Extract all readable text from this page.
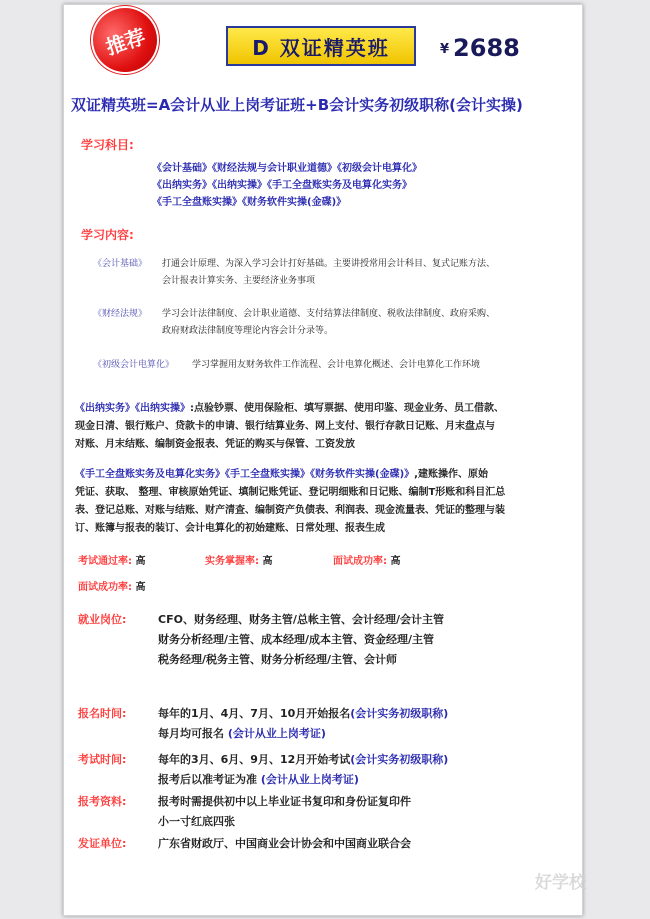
推荐	D 双证精英班	¥ 2688
双证精英班=A会计从业上岗考证班+B会计实务初级职称(会计实操)
学习科目:
《会计基础》《财经法规与会计职业道德》《初级会计电算化》
《出纳实务》《出纳实操》《手工全盘账实务及电算化实务》
《手工全盘账实操》《财务软件实操(金碟)》
学习内容:
《会计基础》 打通会计原理、为深入学习会计打好基础。主要讲授常用会计科目、复式记账方法、
会计报表计算实务、主要经济业务事项
《财经法规》 学习会计法律制度、会计职业道德、支付结算法律制度、税收法律制度、政府采购、
政府财政法律制度等理论内容会计分录等。
《初级会计电算化》 学习掌握用友财务软件工作流程、会计电算化概述、会计电算化工作环境
《出纳实务》《出纳实操》:点验钞票、使用保险柜、填写票据、使用印鉴、现金业务、员工借款、
现金日清、银行账户、贷款卡的申请、银行结算业务、网上支付、银行存款日记账、月末盘点与
对账、月末结账、编制资金报表、凭证的购买与保管、工资发放
《手工全盘账实务及电算化实务》《手工全盘账实操》《财务软件实操(金碟)》,建账操作、原始
凭证、获取、 整理、审核原始凭证、填制记账凭证、登记明细账和日记账、编制T形账和科目汇总
表、登记总账、对账与结账、财产清查、编制资产负债表、利润表、现金流量表、凭证的整理与装
订、账簿与报表的装订、会计电算化的初始建账、日常处理、报表生成
考试通过率: 高	实务掌握率: 高	面试成功率: 高
面试成功率: 高
就业岗位:	CFO、财务经理、财务主管/总帐主管、会计经理/会计主管
财务分析经理/主管、成本经理/成本主管、资金经理/主管
税务经理/税务主管、财务分析经理/主管、会计师
报名时间:	每年的1月、4月、7月、10月开始报名(会计实务初级职称)
每月均可报名 (会计从业上岗考证)
考试时间:	每年的3月、6月、9月、12月开始考试(会计实务初级职称)
报考后以准考证为准 (会计从业上岗考证)
报考资料:	报考时需提供初中以上毕业证书复印和身份证复印件
小一寸红底四张
发证单位:	广东省财政厅、中国商业会计协会和中国商业联合会
好学校
